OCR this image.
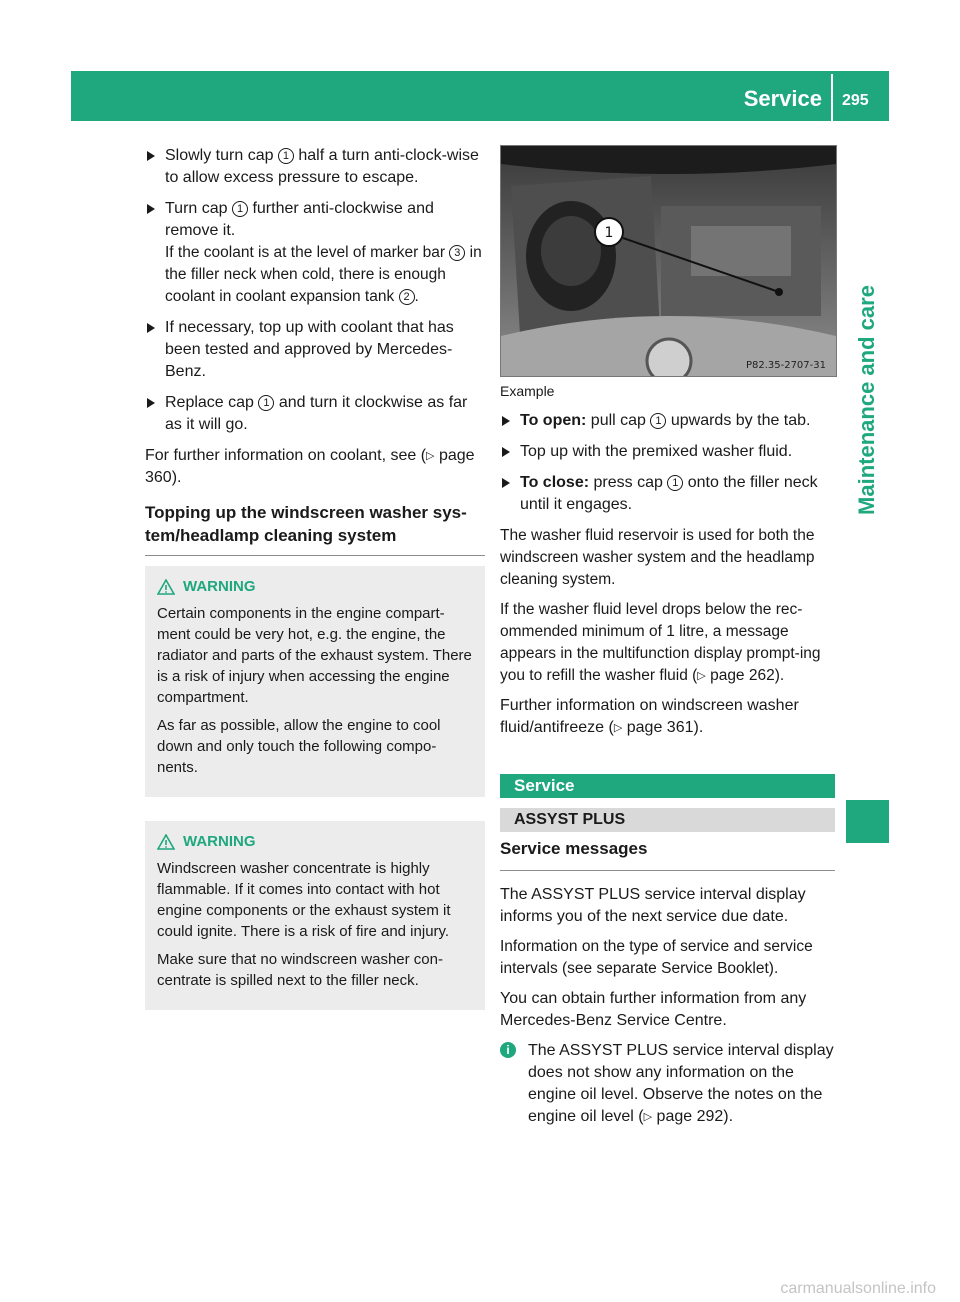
Service 295
Maintenance and care
Slowly turn cap 1 half a turn anti-clock-wise to allow excess pressure to escape.
Turn cap 1 further anti-clockwise and remove it.
If the coolant is at the level of marker bar 3 in the filler neck when cold, there is enough coolant in coolant expansion tank 2 .
If necessary, top up with coolant that has been tested and approved by Mercedes-Benz.
Replace cap 1 and turn it clockwise as far as it will go.
For further information on coolant, see (▷ page 360).
Topping up the windscreen washer sys-tem/headlamp cleaning system
WARNING

Certain components in the engine compart-ment could be very hot, e.g. the engine, the radiator and parts of the exhaust system. There is a risk of injury when accessing the engine compartment.

As far as possible, allow the engine to cool down and only touch the following compo-nents.

WARNING

Windscreen washer concentrate is highly flammable. If it comes into contact with hot engine components or the exhaust system it could ignite. There is a risk of fire and injury.

Make sure that no windscreen washer con-centrate is spilled next to the filler neck.

1
P82.35-2707-31
Example
To open: pull cap 1 upwards by the tab.
Top up with the premixed washer fluid.
To close: press cap 1 onto the filler neck until it engages.
The washer fluid reservoir is used for both the windscreen washer system and the headlamp cleaning system.
If the washer fluid level drops below the rec-ommended minimum of 1 litre, a message appears in the multifunction display prompt-ing you to refill the washer fluid (▷ page 262).
Further information on windscreen washer fluid/antifreeze (▷ page 361).
Service
ASSYST PLUS
Service messages
The ASSYST PLUS service interval display informs you of the next service due date.
Information on the type of service and service intervals (see separate Service Booklet).
You can obtain further information from any Mercedes-Benz Service Centre.
i	The ASSYST PLUS service interval display does not show any information on the engine oil level. Observe the notes on the engine oil level (▷ page 292).
carmanualsonline.info
